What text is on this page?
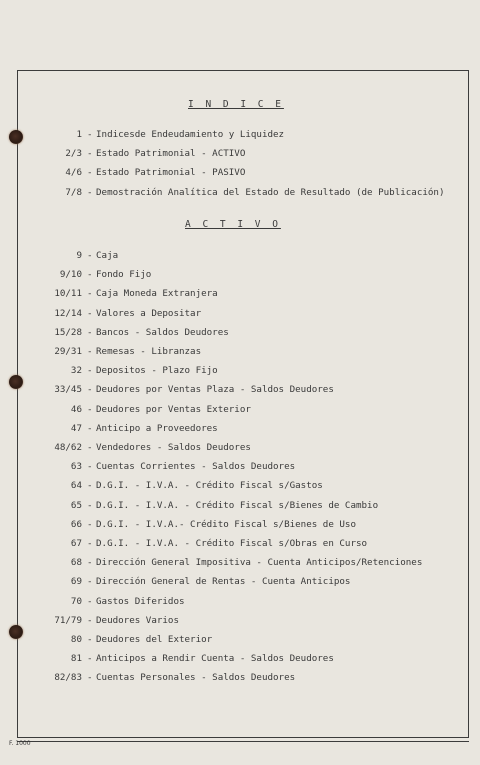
I N D I C E
1 - Indicesde Endeudamiento y Liquidez
2/3 - Estado Patrimonial - ACTIVO
4/6 - Estado Patrimonial - PASIVO
7/8 - Demostración Analítica del Estado de Resultado (de Publicación)
A C T I V O
9 - Caja
9/10 - Fondo Fijo
10/11 - Caja Moneda Extranjera
12/14 - Valores a Depositar
15/28 - Bancos - Saldos Deudores
29/31 - Remesas - Libranzas
32 - Depositos - Plazo Fijo
33/45 - Deudores por Ventas Plaza - Saldos Deudores
46 - Deudores por Ventas Exterior
47 - Anticipo a Proveedores
48/62 - Vendedores - Saldos Deudores
63 - Cuentas Corrientes - Saldos Deudores
64 - D.G.I. - I.V.A. - Crédito Fiscal s/Gastos
65 - D.G.I. - I.V.A. - Crédito Fiscal s/Bienes de Cambio
66 - D.G.I. - I.V.A.- Crédito Fiscal s/Bienes de Uso
67 - D.G.I. - I.V.A. - Crédito Fiscal s/Obras en Curso
68 - Dirección General Impositiva - Cuenta Anticipos/Retenciones
69 - Dirección General de Rentas - Cuenta Anticipos
70 - Gastos Diferidos
71/79 - Deudores Varios
80 - Deudores del Exterior
81 - Anticipos a Rendir Cuenta - Saldos Deudores
82/83 - Cuentas Personales - Saldos Deudores
F. 1000
